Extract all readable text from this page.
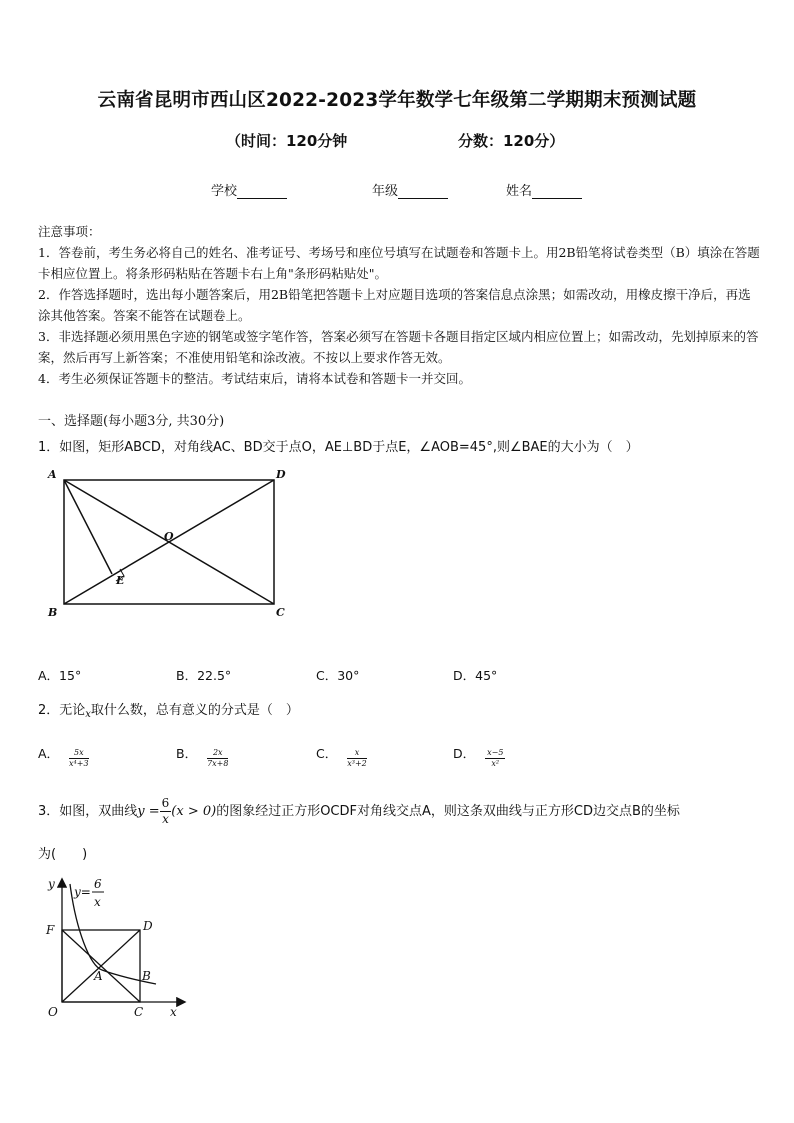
云南省昆明市西山区2022-2023学年数学七年级第二学期期末预测试题
（时间：120分钟	分数：120分）
学校	年级	姓名

注意事项：

1．答卷前，考生务必将自己的姓名、准考证号、考场号和座位号填写在试题卷和答题卡上。用2B铅笔将试卷类型（B）填涂在答题卡相应位置上。将条形码粘贴在答题卡右上角"条形码粘贴处"。

2．作答选择题时，选出每小题答案后，用2B铅笔把答题卡上对应题目选项的答案信息点涂黑；如需改动，用橡皮擦干净后，再选涂其他答案。答案不能答在试题卷上。

3．非选择题必须用黑色字迹的钢笔或签字笔作答，答案必须写在答题卡各题目指定区域内相应位置上；如需改动，先划掉原来的答案，然后再写上新答案；不准使用铅笔和涂改液。不按以上要求作答无效。

4．考生必须保证答题卡的整洁。考试结束后，请将本试卷和答题卡一并交回。

一、选择题(每小题3分, 共30分)
1．如图，矩形ABCD，对角线AC、BD交于点O，AE⊥BD于点E，∠AOB=45°,则∠BAE的大小为（　）
A	D
O
E
B	C
A．15°	B．22.5°	C．30°	D．45°
2．无论$_x$取什么数，总有意义的分式是（　）
A． $\frac{5x}{\text{x⁴+3}}$	B． $\frac{2x}{7x+8}$	C． $\frac{x}{\text{x³+2}}$	D． $\frac{x-5}{\text{x²}}$
3．如图，双曲线$y = \frac{6}{x} (x > 0)$的图象经过正方形OCDF对角线交点A，则这条双曲线与正方形CD边交点B的坐标
为(　　)
y
y=
6
x
F	D
A	B
O	C x
